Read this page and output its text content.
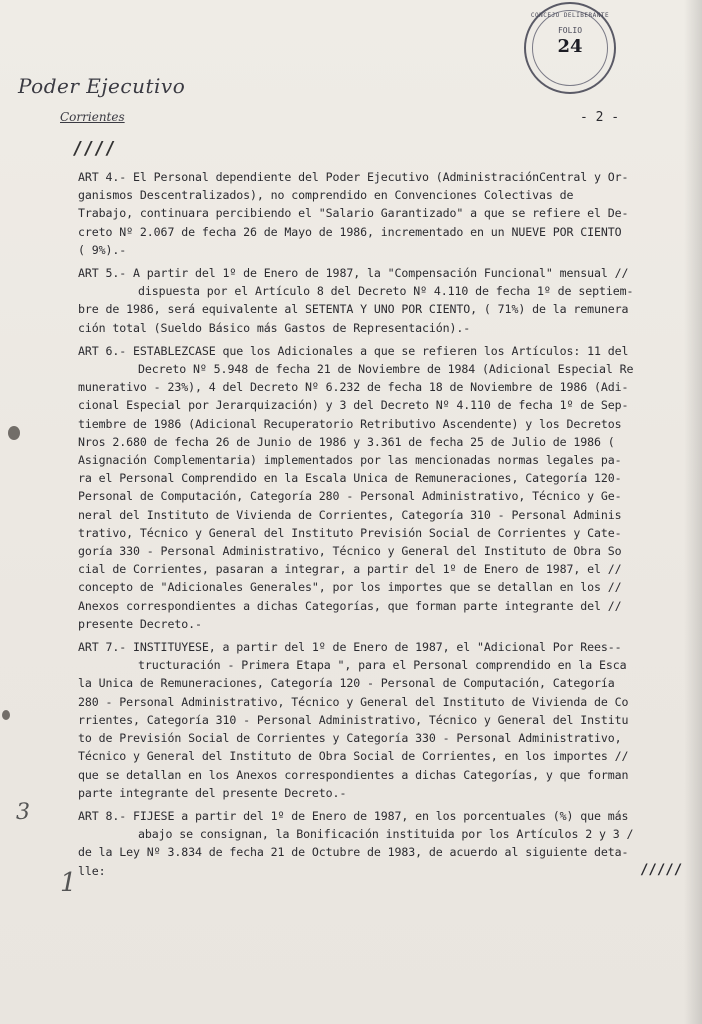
Poder Ejecutivo
Corrientes
////
- 2 -
CONCEJO DELIBERANTE
FOLIO
24
ART 4.- El Personal dependiente del Poder Ejecutivo (AdministraciónCentral y Or-
ganismos Descentralizados), no comprendido en Convenciones Colectivas de
Trabajo, continuara percibiendo el "Salario Garantizado" a que se refiere el De-
creto Nº 2.067 de fecha 26 de Mayo de 1986, incrementado en un NUEVE POR CIENTO
( 9%).-
ART 5.- A partir del 1º de Enero de 1987, la "Compensación Funcional" mensual //
dispuesta por el Artículo 8 del Decreto Nº 4.110 de fecha 1º de septiem-
bre de 1986, será equivalente al SETENTA Y UNO POR CIENTO, ( 71%) de la remunera
ción total (Sueldo Básico más Gastos de Representación).-
ART 6.- ESTABLEZCASE que los Adicionales a que se refieren los Artículos: 11 del
Decreto Nº 5.948 de fecha 21 de Noviembre de 1984 (Adicional Especial Re
munerativo - 23%), 4 del Decreto Nº 6.232 de fecha 18 de Noviembre de 1986 (Adi-
cional Especial por Jerarquización) y 3 del Decreto Nº 4.110 de fecha 1º de Sep-
tiembre de 1986 (Adicional Recuperatorio Retributivo Ascendente) y los Decretos
Nros 2.680 de fecha 26 de Junio de 1986 y 3.361 de fecha 25 de Julio de 1986 (
Asignación Complementaria) implementados por las mencionadas normas legales pa-
ra el Personal Comprendido en la Escala Unica de Remuneraciones, Categoría 120-
Personal de Computación, Categoría 280 - Personal Administrativo, Técnico y Ge-
neral del Instituto de Vivienda de Corrientes, Categoría 310 - Personal Adminis
trativo, Técnico y General del Instituto Previsión Social de Corrientes y Cate-
goría 330 - Personal Administrativo, Técnico y General del Instituto de Obra So
cial de Corrientes, pasaran a integrar, a partir del 1º de Enero de 1987, el //
concepto de "Adicionales Generales", por los importes que se detallan en los //
Anexos correspondientes a dichas Categorías, que forman parte integrante del //
presente Decreto.-
ART 7.- INSTITUYESE, a partir del 1º de Enero de 1987, el "Adicional Por Rees--
tructuración - Primera Etapa ", para el Personal comprendido en la Esca
la Unica de Remuneraciones, Categoría 120 - Personal de Computación, Categoría
280 - Personal Administrativo, Técnico y General del Instituto de Vivienda de Co
rrientes, Categoría 310 - Personal Administrativo, Técnico y General del Institu
to de Previsión Social de Corrientes y Categoría 330 - Personal Administrativo,
Técnico y General del Instituto de Obra Social de Corrientes, en los importes //
que se detallan en los Anexos correspondientes a dichas Categorías, y que forman
parte integrante del presente Decreto.-
ART 8.- FIJESE a partir del 1º de Enero de 1987, en los porcentuales (%) que más
abajo se consignan, la Bonificación instituida por los Artículos 2 y 3 /
de la Ley Nº 3.834 de fecha 21 de Octubre de 1983, de acuerdo al siguiente deta-
lle:	/////
3
1
